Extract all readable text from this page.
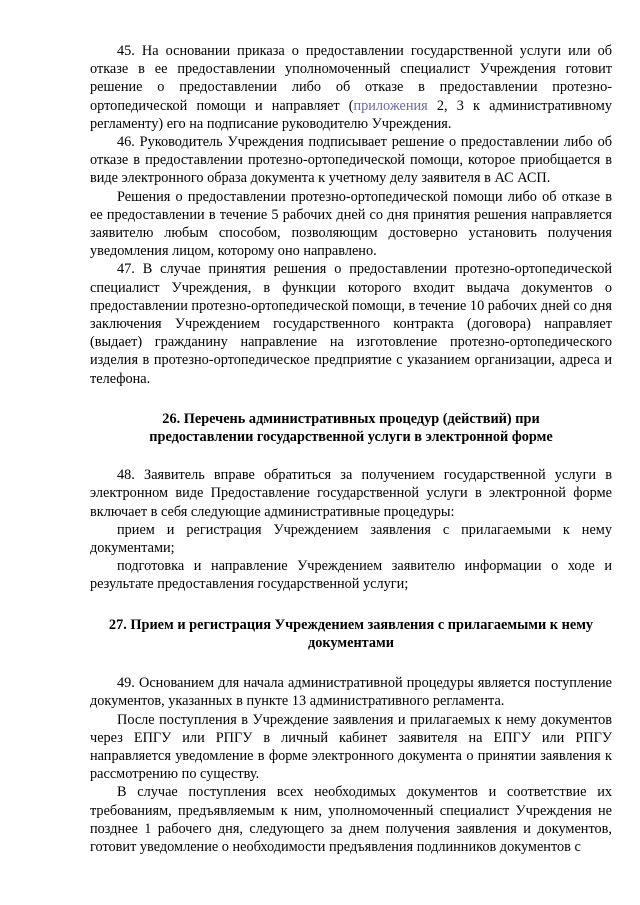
45. На основании приказа о предоставлении государственной услуги или об отказе в ее предоставлении уполномоченный специалист Учреждения готовит решение о предоставлении либо об отказе в предоставлении протезно-ортопедической помощи и направляет (приложения 2, 3 к административному регламенту) его на подписание руководителю Учреждения.

46. Руководитель Учреждения подписывает решение о предоставлении либо об отказе в предоставлении протезно-ортопедической помощи, которое приобщается в виде электронного образа документа к учетному делу заявителя в АС АСП.

Решения о предоставлении протезно-ортопедической помощи либо об отказе в ее предоставлении в течение 5 рабочих дней со дня принятия решения направляется заявителю любым способом, позволяющим достоверно установить получения уведомления лицом, которому оно направлено.

47. В случае принятия решения о предоставлении протезно-ортопедической специалист Учреждения, в функции которого входит выдача документов о предоставлении протезно-ортопедической помощи, в течение 10 рабочих дней со дня заключения Учреждением государственного контракта (договора) направляет (выдает) гражданину направление на изготовление протезно-ортопедического изделия в протезно-ортопедическое предприятие с указанием организации, адреса и телефона.

26. Перечень административных процедур (действий) при

предоставлении государственной услуги в электронной форме

48. Заявитель вправе обратиться за получением государственной услуги в электронном виде Предоставление государственной услуги в электронной форме включает в себя следующие административные процедуры:

прием и регистрация Учреждением заявления с прилагаемыми к нему документами;

подготовка и направление Учреждением заявителю информации о ходе и результате предоставления государственной услуги;

27. Прием и регистрация Учреждением заявления с прилагаемыми к нему

документами

49. Основанием для начала административной процедуры является поступление документов, указанных в пункте 13 административного регламента.

После поступления в Учреждение заявления и прилагаемых к нему документов через ЕПГУ или РПГУ в личный кабинет заявителя на ЕПГУ или РПГУ направляется уведомление в форме электронного документа о принятии заявления к рассмотрению по существу.

В случае поступления всех необходимых документов и соответствие их требованиям, предъявляемым к ним, уполномоченный специалист Учреждения не позднее 1 рабочего дня, следующего за днем получения заявления и документов, готовит уведомление о необходимости предъявления подлинников документов с
